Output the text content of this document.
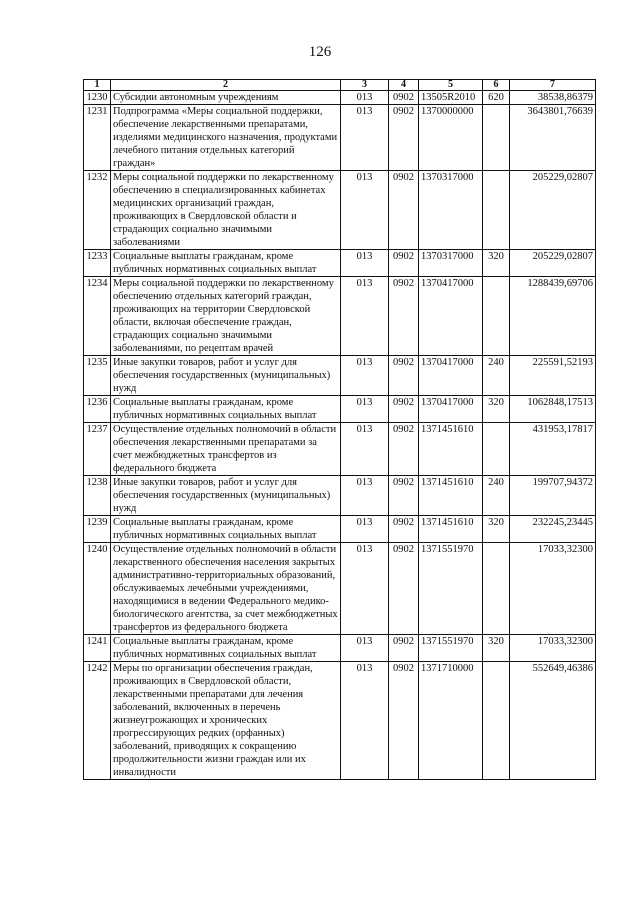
126
1	2	3	4	5	6	7
1230	Субсидии автономным учреждениям	013	0902	13505R2010	620	38538,86379
1231	Подпрограмма «Меры социальной поддержки, обеспечение лекарственными препаратами, изделиями медицинского назначения, продуктами лечебного питания отдельных категорий граждан»	013	0902	1370000000		3643801,76639
1232	Меры социальной поддержки по лекарственному обеспечению в специализированных кабинетах медицинских организаций граждан, проживающих в Свердловской области и страдающих социально значимыми заболеваниями	013	0902	1370317000		205229,02807
1233	Социальные выплаты гражданам, кроме публичных нормативных социальных выплат	013	0902	1370317000	320	205229,02807
1234	Меры социальной поддержки по лекарственному обеспечению отдельных категорий граждан, проживающих на территории Свердловской области, включая обеспечение граждан, страдающих социально значимыми заболеваниями, по рецептам врачей	013	0902	1370417000		1288439,69706
1235	Иные закупки товаров, работ и услуг для обеспечения государственных (муниципальных) нужд	013	0902	1370417000	240	225591,52193
1236	Социальные выплаты гражданам, кроме публичных нормативных социальных выплат	013	0902	1370417000	320	1062848,17513
1237	Осуществление отдельных полномочий в области обеспечения лекарственными препаратами за счет межбюджетных трансфертов из федерального бюджета	013	0902	1371451610		431953,17817
1238	Иные закупки товаров, работ и услуг для обеспечения государственных (муниципальных) нужд	013	0902	1371451610	240	199707,94372
1239	Социальные выплаты гражданам, кроме публичных нормативных социальных выплат	013	0902	1371451610	320	232245,23445
1240	Осуществление отдельных полномочий в области лекарственного обеспечения населения закрытых административно-территориальных образований, обслуживаемых лечебными учреждениями, находящимися в ведении Федерального медико-биологического агентства, за счет межбюджетных трансфертов из федерального бюджета	013	0902	1371551970		17033,32300
1241	Социальные выплаты гражданам, кроме публичных нормативных социальных выплат	013	0902	1371551970	320	17033,32300
1242	Меры по организации обеспечения граждан, проживающих в Свердловской области, лекарственными препаратами для лечения заболеваний, включенных в перечень жизнеугрожающих и хронических прогрессирующих редких (орфанных) заболеваний, приводящих к сокращению продолжительности жизни граждан или их инвалидности	013	0902	1371710000		552649,46386
